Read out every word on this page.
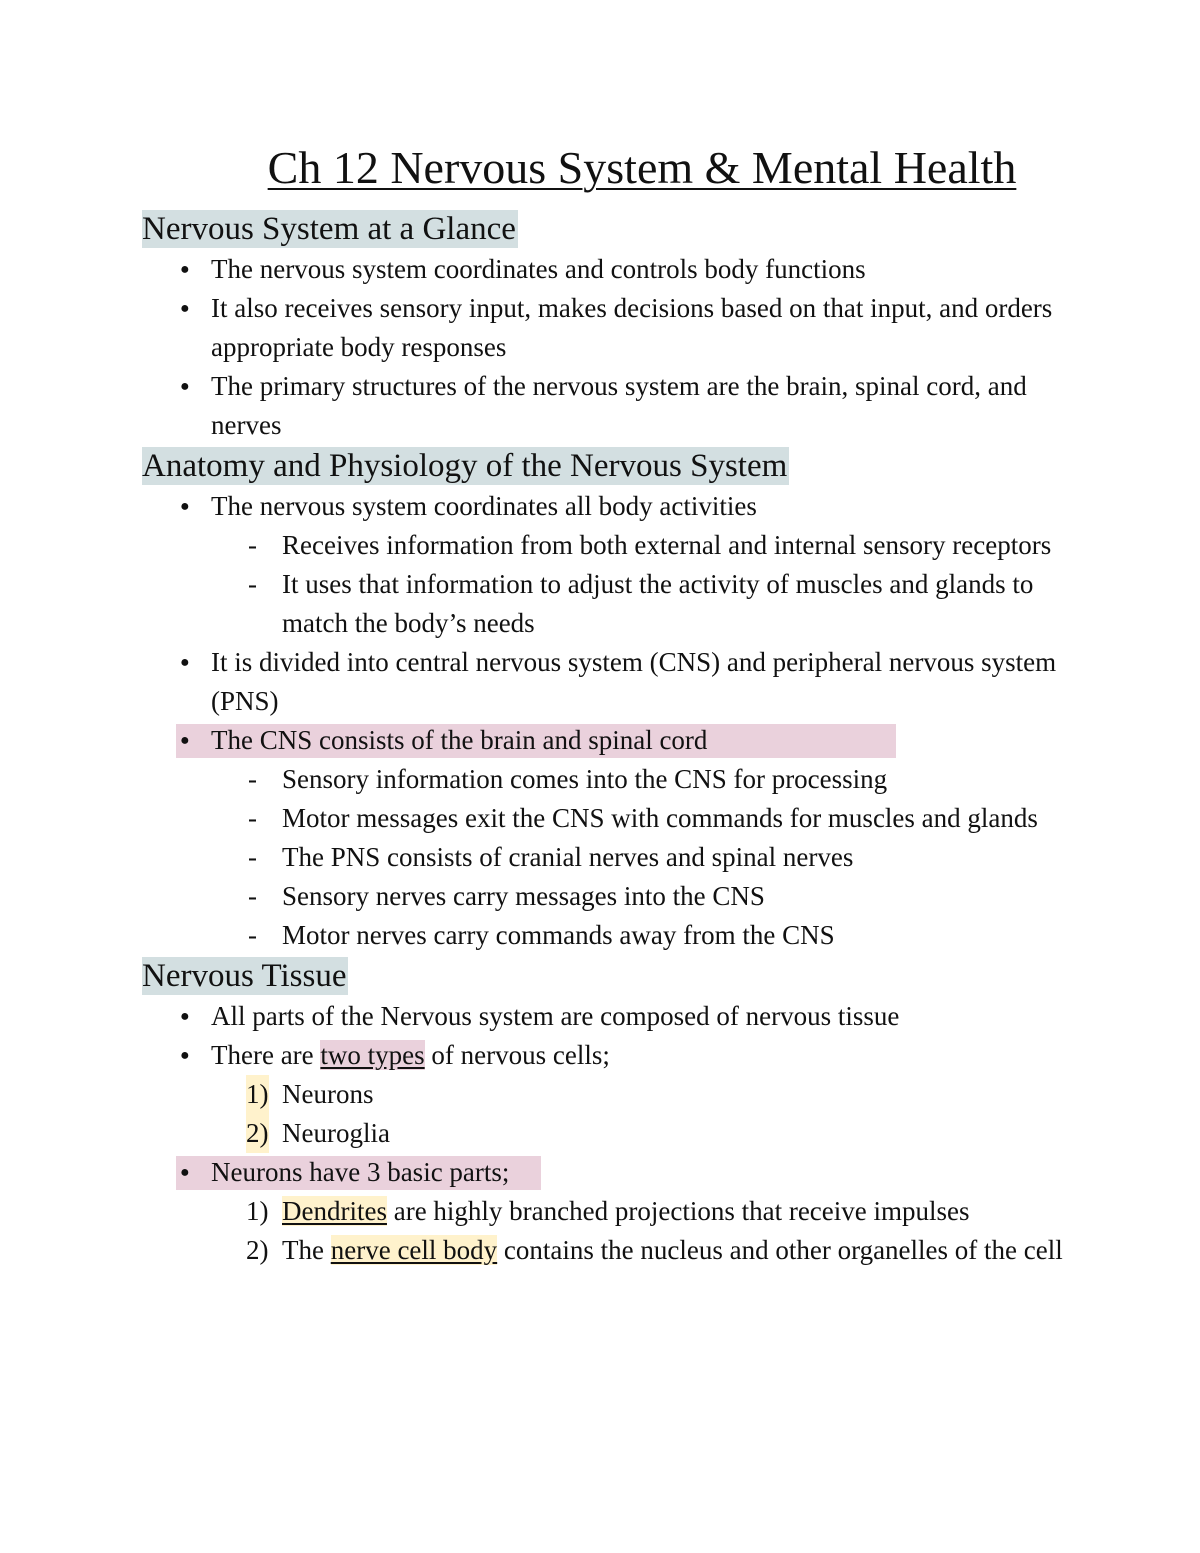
Ch 12 Nervous System & Mental Health
Nervous System at a Glance
● The nervous system coordinates and controls body functions
● It also receives sensory input, makes decisions based on that input, and orders appropriate body responses
● The primary structures of the nervous system are the brain, spinal cord, and nerves
Anatomy and Physiology of the Nervous System
● The nervous system coordinates all body activities
- Receives information from both external and internal sensory receptors
- It uses that information to adjust the activity of muscles and glands to match the body’s needs
● It is divided into central nervous system (CNS) and peripheral nervous system (PNS)
● The CNS consists of the brain and spinal cord
- Sensory information comes into the CNS for processing
- Motor messages exit the CNS with commands for muscles and glands
- The PNS consists of cranial nerves and spinal nerves
- Sensory nerves carry messages into the CNS
- Motor nerves carry commands away from the CNS
Nervous Tissue
● All parts of the Nervous system are composed of nervous tissue
● There are two types of nervous cells;
1) Neurons
2) Neuroglia
● Neurons have 3 basic parts;
1) Dendrites are highly branched projections that receive impulses
2) The nerve cell body contains the nucleus and other organelles of the cell
